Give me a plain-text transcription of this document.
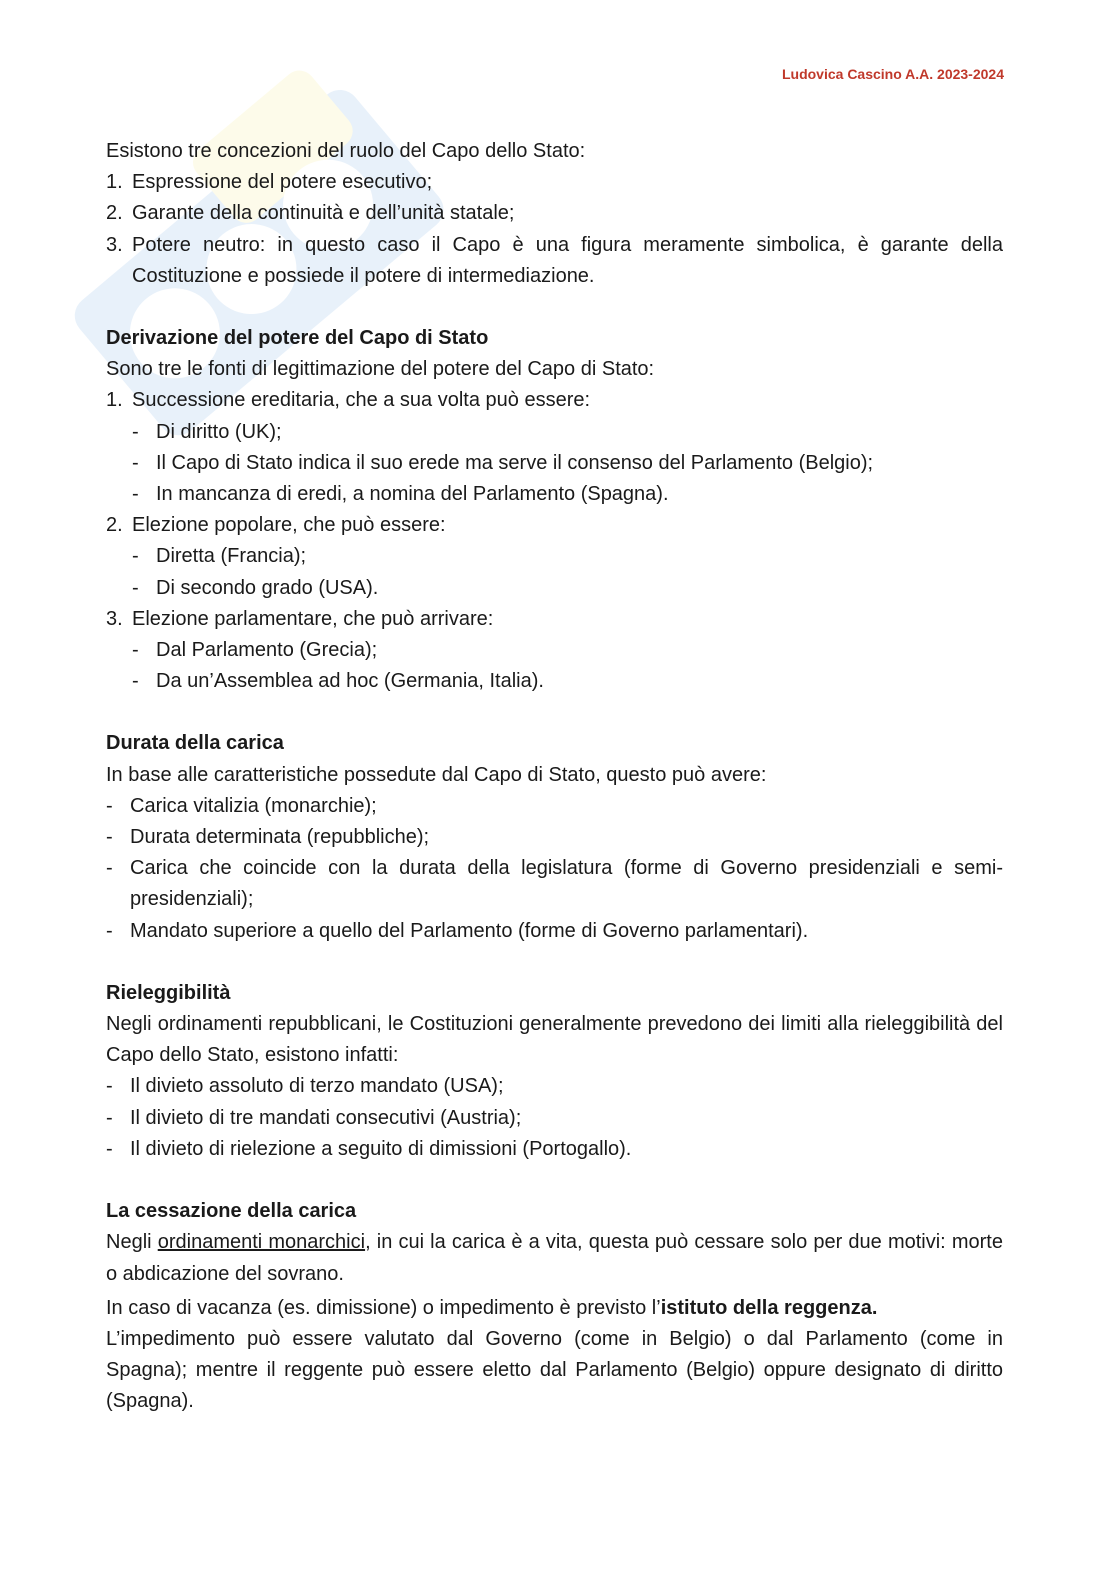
Ludovica Cascino A.A. 2023-2024

Esistono tre concezioni del ruolo del Capo dello Stato:

1. Espressione del potere esecutivo;
2. Garante della continuità e dell’unità statale;
3. Potere neutro: in questo caso il Capo è una figura meramente simbolica, è garante della Costituzione e possiede il potere di intermediazione.
Derivazione del potere del Capo di Stato

Sono tre le fonti di legittimazione del potere del Capo di Stato:

1. Successione ereditaria, che a sua volta può essere:
- Di diritto (UK);
- Il Capo di Stato indica il suo erede ma serve il consenso del Parlamento (Belgio);
- In mancanza di eredi, a nomina del Parlamento (Spagna).
2. Elezione popolare, che può essere:
- Diretta (Francia);
- Di secondo grado (USA).
3. Elezione parlamentare, che può arrivare:
- Dal Parlamento (Grecia);
- Da un’Assemblea ad hoc (Germania, Italia).
Durata della carica

In base alle caratteristiche possedute dal Capo di Stato, questo può avere:

- Carica vitalizia (monarchie);
- Durata determinata (repubbliche);
- Carica che coincide con la durata della legislatura (forme di Governo presidenziali e semi-presidenziali);
- Mandato superiore a quello del Parlamento (forme di Governo parlamentari).
Rieleggibilità

Negli ordinamenti repubblicani, le Costituzioni generalmente prevedono dei limiti alla rieleggibilità del Capo dello Stato, esistono infatti:

- Il divieto assoluto di terzo mandato (USA);
- Il divieto di tre mandati consecutivi (Austria);
- Il divieto di rielezione a seguito di dimissioni (Portogallo).
La cessazione della carica

Negli ordinamenti monarchici, in cui la carica è a vita, questa può cessare solo per due motivi: morte o abdicazione del sovrano.

In caso di vacanza (es. dimissione) o impedimento è previsto l’istituto della reggenza.

L’impedimento può essere valutato dal Governo (come in Belgio) o dal Parlamento (come in Spagna); mentre il reggente può essere eletto dal Parlamento (Belgio) oppure designato di diritto (Spagna).
